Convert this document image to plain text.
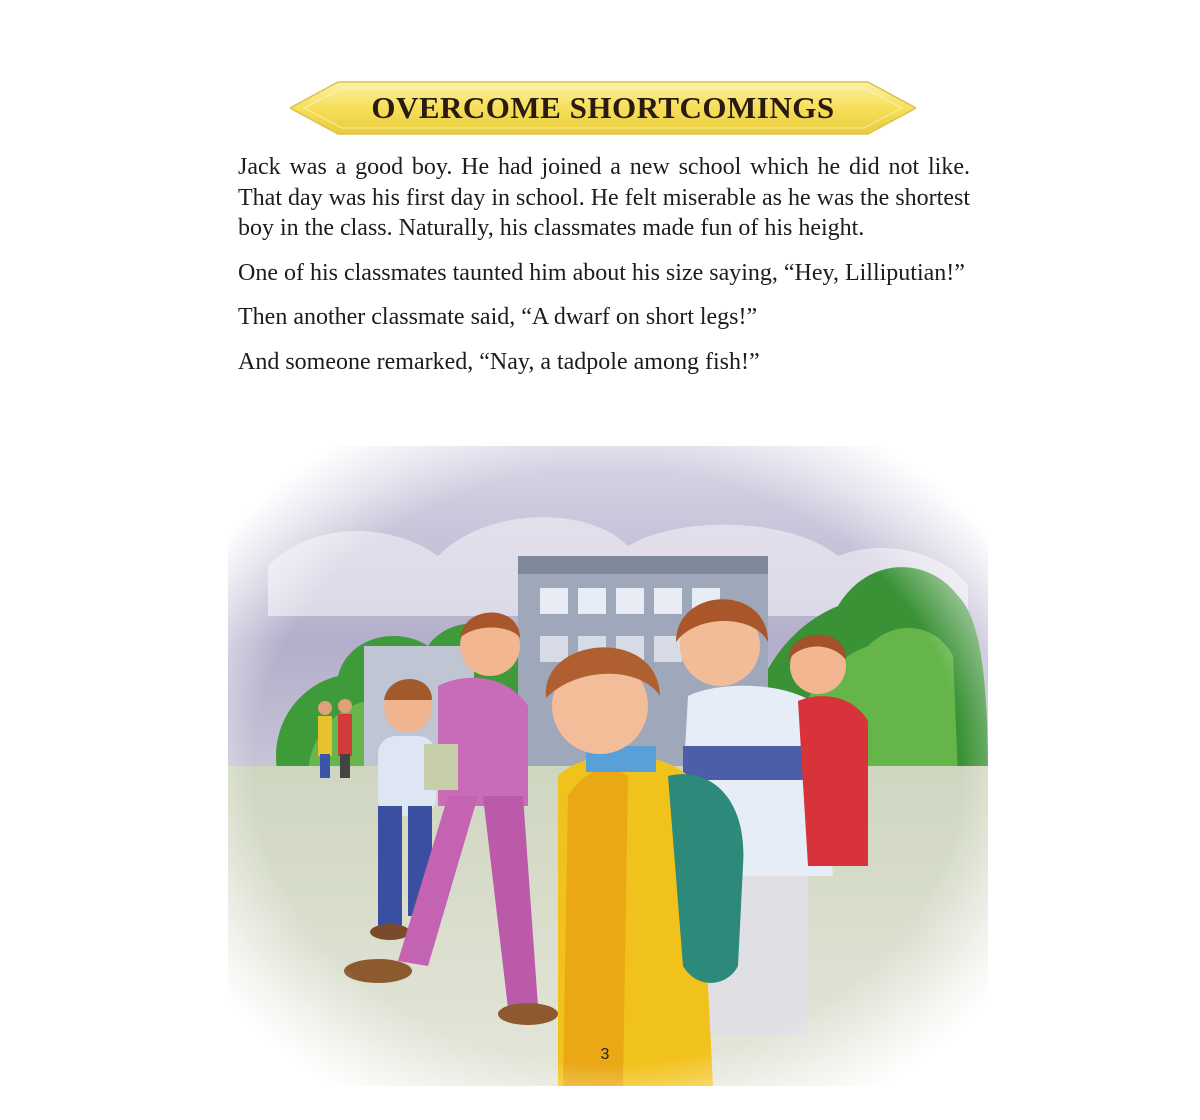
OVERCOME SHORTCOMINGS

Jack was a good boy. He had joined a new school which he did not like. That day was his first day in school. He felt miserable as he was the shortest boy in the class. Naturally, his classmates made fun of his height.

One of his classmates taunted him about his size saying, “Hey, Lilliputian!”

Then another classmate said, “A dwarf on short legs!”

And someone remarked, “Nay, a tadpole among fish!”

3
